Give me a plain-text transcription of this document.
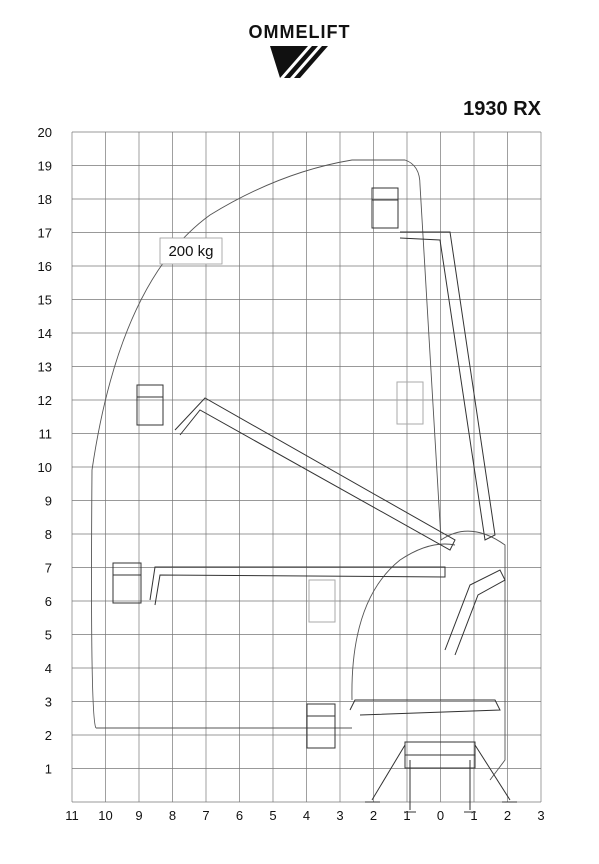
OMMELIFT
1930 RX
11 10 9 8 7 6 5 4 3 2 1 0 1 2 3
1
2
3
4
5
6
7
8
9
10
11
12
13
14
15
16
17
18
19
20
200 kg
